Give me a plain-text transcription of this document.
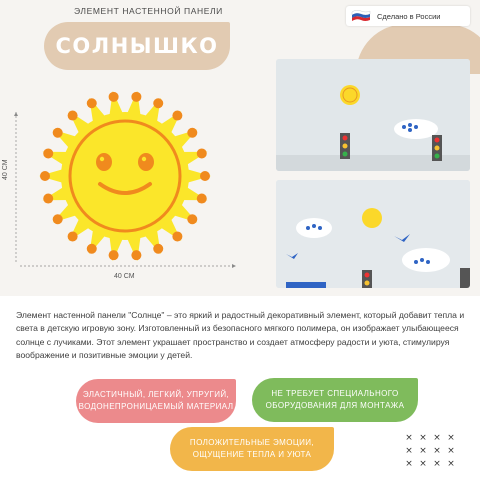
ЭЛЕМЕНТ НАСТЕННОЙ ПАНЕЛИ
СОЛНЫШКО
Сделано в России
40 СМ
40 СМ
Элемент настенной панели "Солнце" – это яркий и радостный декоративный элемент, который добавит тепла и света в детскую игровую зону. Изготовленный из безопасного мягкого полимера, он изображает улыбающееся солнце с лучиками. Этот элемент украшает пространство и создает атмосферу радости и уюта, стимулируя воображение и позитивные эмоции у детей.
ЭЛАСТИЧНЫЙ, ЛЕГКИЙ, УПРУГИЙ, ВОДОНЕПРОНИЦАЕМЫЙ МАТЕРИАЛ
НЕ ТРЕБУЕТ СПЕЦИАЛЬНОГО ОБОРУДОВАНИЯ ДЛЯ МОНТАЖА
ПОЛОЖИТЕЛЬНЫЕ ЭМОЦИИ, ОЩУЩЕНИЕ ТЕПЛА И УЮТА
× × × ×
× × × ×
× × × ×
